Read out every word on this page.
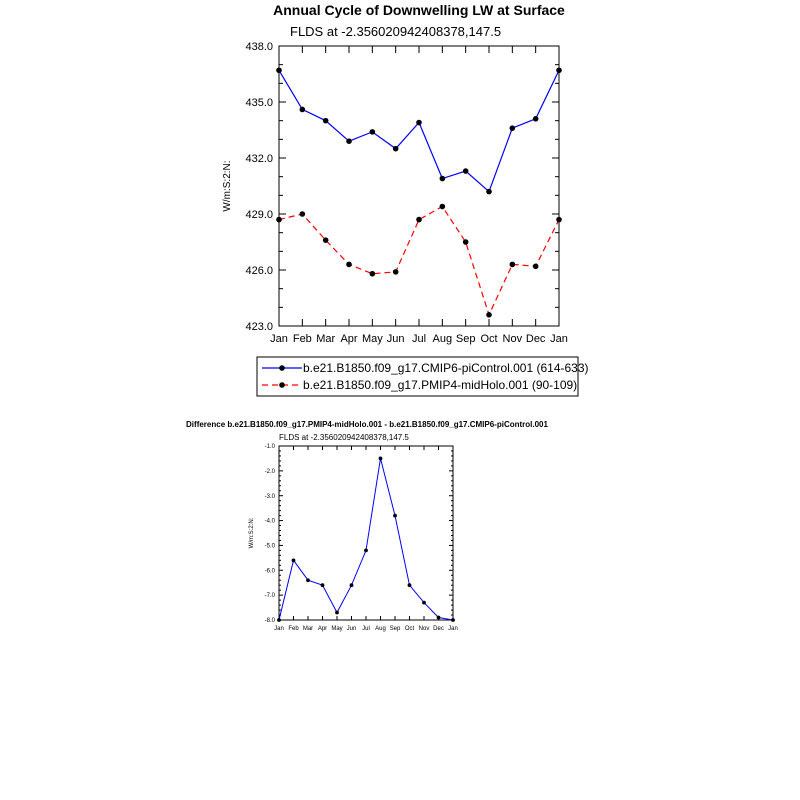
Annual Cycle of Downwelling LW at Surface
FLDS at -2.356020942408378,147.5
W/m:S:2:N:
423.0
426.0
429.0
432.0
435.0
438.0
Jan Feb Mar Apr May Jun Jul Aug Sep Oct Nov Dec Jan
b.e21.B1850.f09_g17.CMIP6-piControl.001 (614-633)
b.e21.B1850.f09_g17.PMIP4-midHolo.001 (90-109)
Difference b.e21.B1850.f09_g17.PMIP4-midHolo.001 - b.e21.B1850.f09_g17.CMIP6-piControl.001
FLDS at -2.356020942408378,147.5
W/m:S:2:N:
-8.0
-7.0
-6.0
-5.0
-4.0
-3.0
-2.0
-1.0
Jan Feb Mar Apr May Jun Jul Aug Sep Oct Nov Dec Jan
